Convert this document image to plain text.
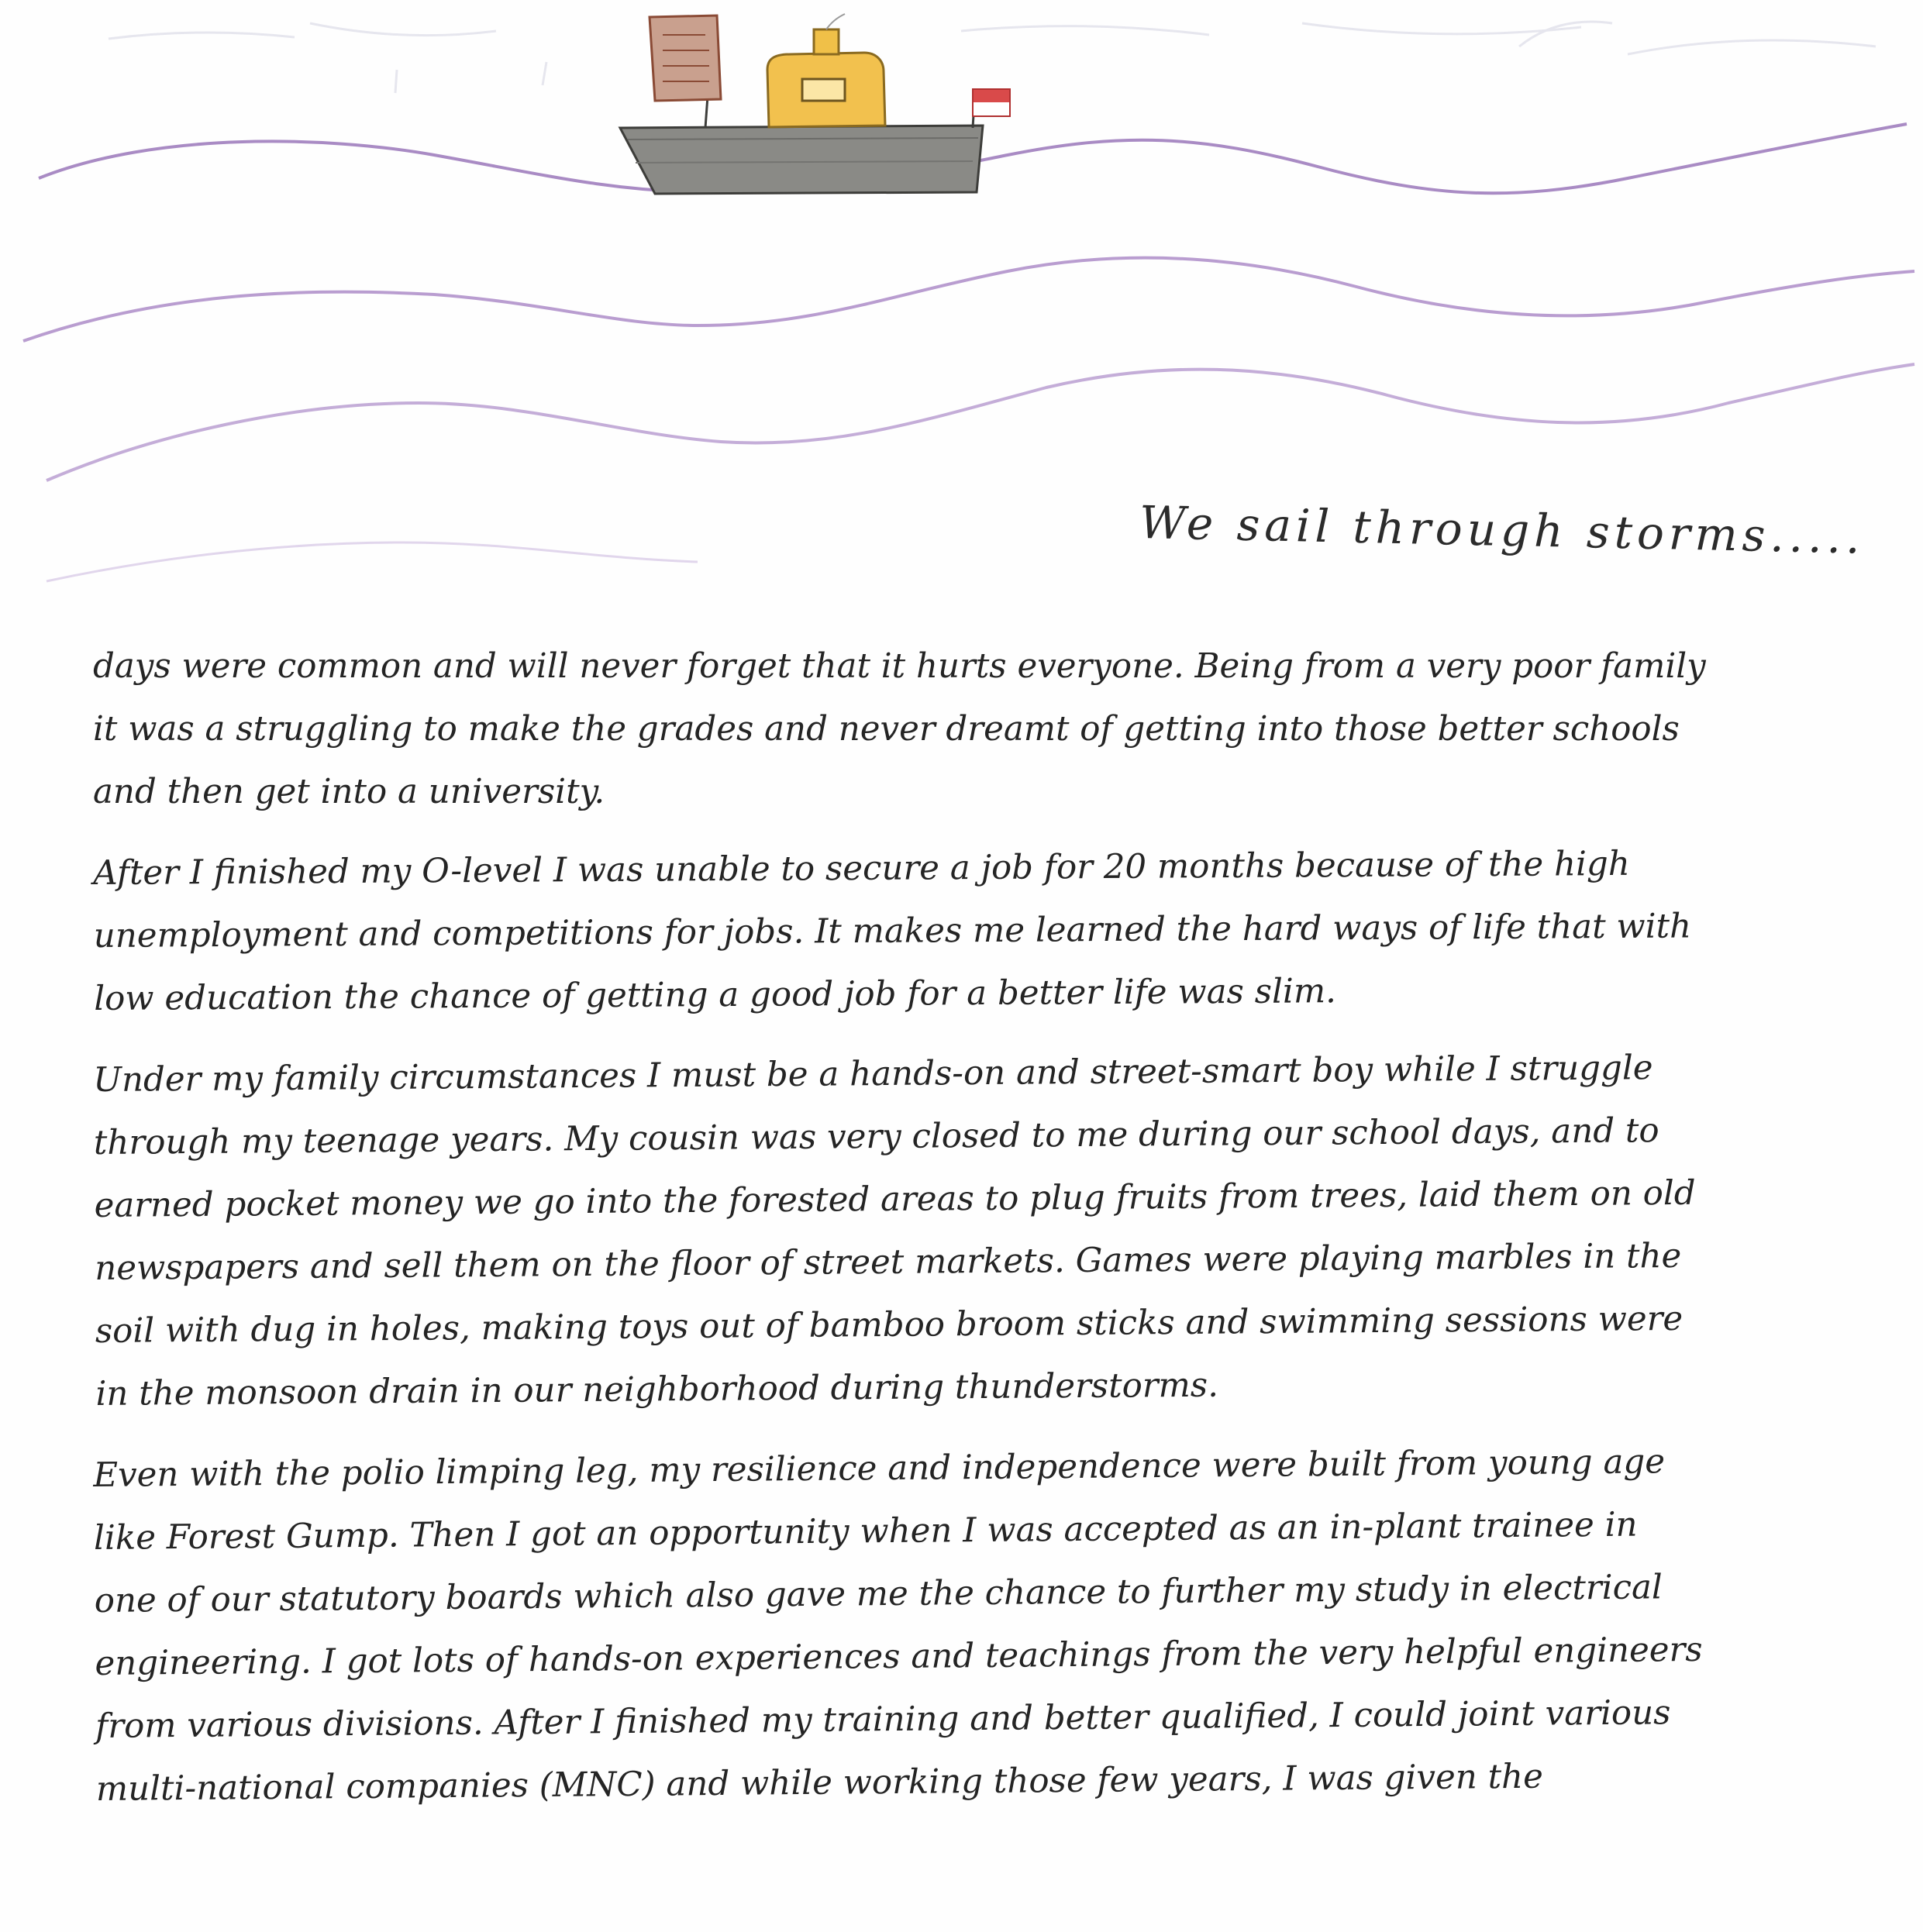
We sail through storms.....

days were common and will never forget that it hurts everyone. Being from a very poor family
it was a struggling to make the grades and never dreamt of getting into those better schools
and then get into a university.

After I finished my O-level I was unable to secure a job for 20 months because of the high
unemployment and competitions for jobs. It makes me learned the hard ways of life that with
low education the chance of getting a good job for a better life was slim.

Under my family circumstances I must be a hands-on and street-smart boy while I struggle
through my teenage years. My cousin was very closed to me during our school days, and to
earned pocket money we go into the forested areas to plug fruits from trees, laid them on old
newspapers and sell them on the floor of street markets. Games were playing marbles in the
soil with dug in holes, making toys out of bamboo broom sticks and swimming sessions were
in the monsoon drain in our neighborhood during thunderstorms.

Even with the polio limping leg, my resilience and independence were built from young age
like Forest Gump. Then I got an opportunity when I was accepted as an in-plant trainee in
one of our statutory boards which also gave me the chance to further my study in electrical
engineering. I got lots of hands-on experiences and teachings from the very helpful engineers
from various divisions. After I finished my training and better qualified, I could joint various
multi-national companies (MNC) and while working those few years, I was given the
